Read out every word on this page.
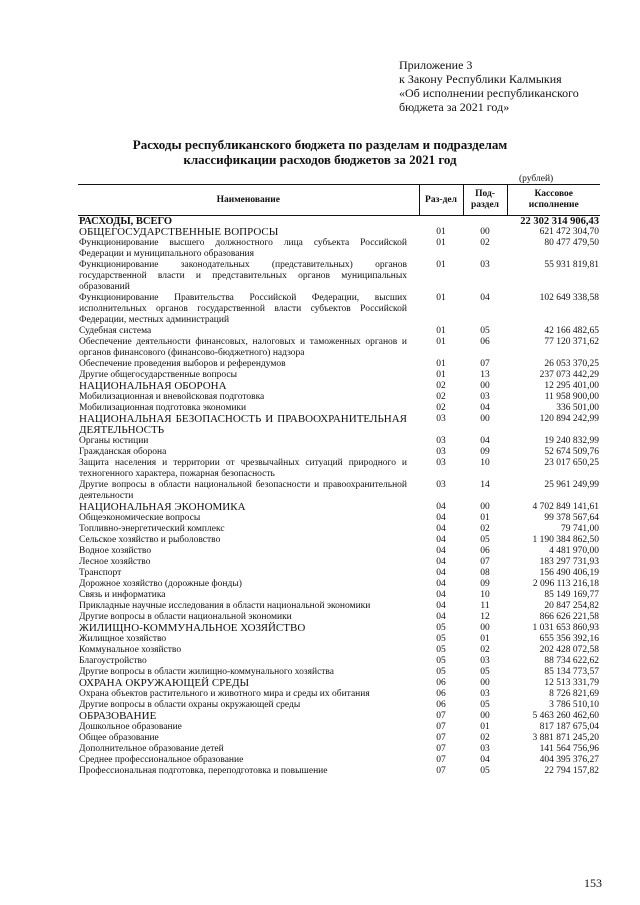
Приложение 3
к Закону Республики Калмыкия
«Об исполнении республиканского
бюджета за 2021 год»
Расходы республиканского бюджета по разделам и подразделам
классификации расходов бюджетов за 2021 год
(рублей)
Наименование	Раз-дел	Под-раздел	Кассовое исполнение
РАСХОДЫ, ВСЕГО			22 302 314 906,43
ОБЩЕГОСУДАРСТВЕННЫЕ ВОПРОСЫ	01	00	621 472 304,70
Функционирование высшего должностного лица субъекта Российской Федерации и муниципального образования	01	02	80 477 479,50
Функционирование законодательных (представительных) органов государственной власти и представительных органов муниципальных образований	01	03	55 931 819,81
Функционирование Правительства Российской Федерации, высших исполнительных органов государственной власти субъектов Российской Федерации, местных администраций	01	04	102 649 338,58
Судебная система	01	05	42 166 482,65
Обеспечение деятельности финансовых, налоговых и таможенных органов и органов финансового (финансово-бюджетного) надзора	01	06	77 120 371,62
Обеспечение проведения выборов и референдумов	01	07	26 053 370,25
Другие общегосударственные вопросы	01	13	237 073 442,29
НАЦИОНАЛЬНАЯ ОБОРОНА	02	00	12 295 401,00
Мобилизационная и вневойсковая подготовка	02	03	11 958 900,00
Мобилизационная подготовка экономики	02	04	336 501,00
НАЦИОНАЛЬНАЯ БЕЗОПАСНОСТЬ И ПРАВООХРАНИТЕЛЬНАЯ ДЕЯТЕЛЬНОСТЬ	03	00	120 894 242,99
Органы юстиции	03	04	19 240 832,99
Гражданская оборона	03	09	52 674 509,76
Защита населения и территории от чрезвычайных ситуаций природного и техногенного характера, пожарная безопасность	03	10	23 017 650,25
Другие вопросы в области национальной безопасности и правоохранительной деятельности	03	14	25 961 249,99
НАЦИОНАЛЬНАЯ ЭКОНОМИКА	04	00	4 702 849 141,61
Общеэкономические вопросы	04	01	99 378 567,64
Топливно-энергетический комплекс	04	02	79 741,00
Сельское хозяйство и рыболовство	04	05	1 190 384 862,50
Водное хозяйство	04	06	4 481 970,00
Лесное хозяйство	04	07	183 297 731,93
Транспорт	04	08	156 490 406,19
Дорожное хозяйство (дорожные фонды)	04	09	2 096 113 216,18
Связь и информатика	04	10	85 149 169,77
Прикладные научные исследования в области национальной экономики	04	11	20 847 254,82
Другие вопросы в области национальной экономики	04	12	866 626 221,58
ЖИЛИЩНО-КОММУНАЛЬНОЕ ХОЗЯЙСТВО	05	00	1 031 653 860,93
Жилищное хозяйство	05	01	655 356 392,16
Коммунальное хозяйство	05	02	202 428 072,58
Благоустройство	05	03	88 734 622,62
Другие вопросы в области жилищно-коммунального хозяйства	05	05	85 134 773,57
ОХРАНА ОКРУЖАЮЩЕЙ СРЕДЫ	06	00	12 513 331,79
Охрана объектов растительного и животного мира и среды их обитания	06	03	8 726 821,69
Другие вопросы в области охраны окружающей среды	06	05	3 786 510,10
ОБРАЗОВАНИЕ	07	00	5 463 260 462,60
Дошкольное образование	07	01	817 187 675,04
Общее образование	07	02	3 881 871 245,20
Дополнительное образование детей	07	03	141 564 756,96
Среднее профессиональное образование	07	04	404 395 376,27
Профессиональная подготовка, переподготовка и повышение	07	05	22 794 157,82
153
